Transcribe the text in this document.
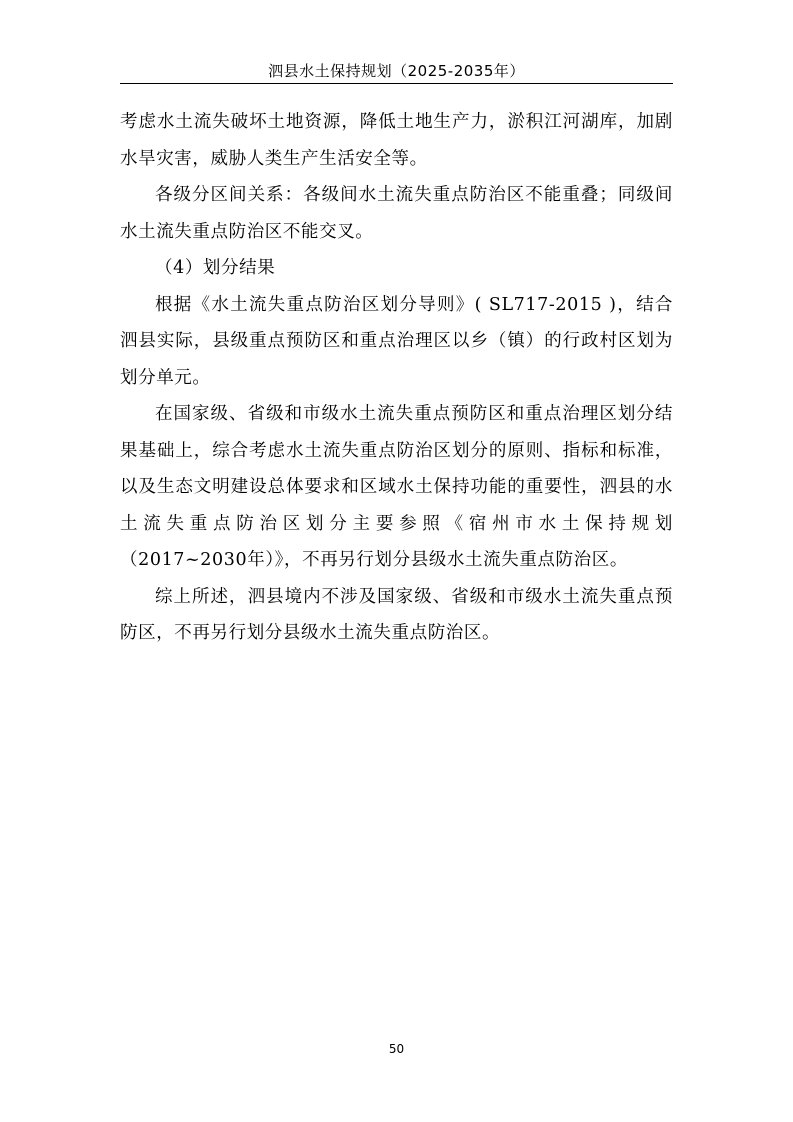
泗县水土保持规划（2025-2035年）

考虑水土流失破坏土地资源，降低土地生产力，淤积江河湖库，加剧水旱灾害，威胁人类生产生活安全等。

各级分区间关系：各级间水土流失重点防治区不能重叠；同级间水土流失重点防治区不能交叉。

（4）划分结果

根据《水土流失重点防治区划分导则》( SL717-2015 )，结合泗县实际，县级重点预防区和重点治理区以乡（镇）的行政村区划为划分单元。

在国家级、省级和市级水土流失重点预防区和重点治理区划分结果基础上，综合考虑水土流失重点防治区划分的原则、指标和标准，以及生态文明建设总体要求和区域水土保持功能的重要性，泗县的水土流失重点防治区划分主要参照《宿州市水土保持规划（2017~2030年）》，不再另行划分县级水土流失重点防治区。

综上所述，泗县境内不涉及国家级、省级和市级水土流失重点预防区，不再另行划分县级水土流失重点防治区。

50
